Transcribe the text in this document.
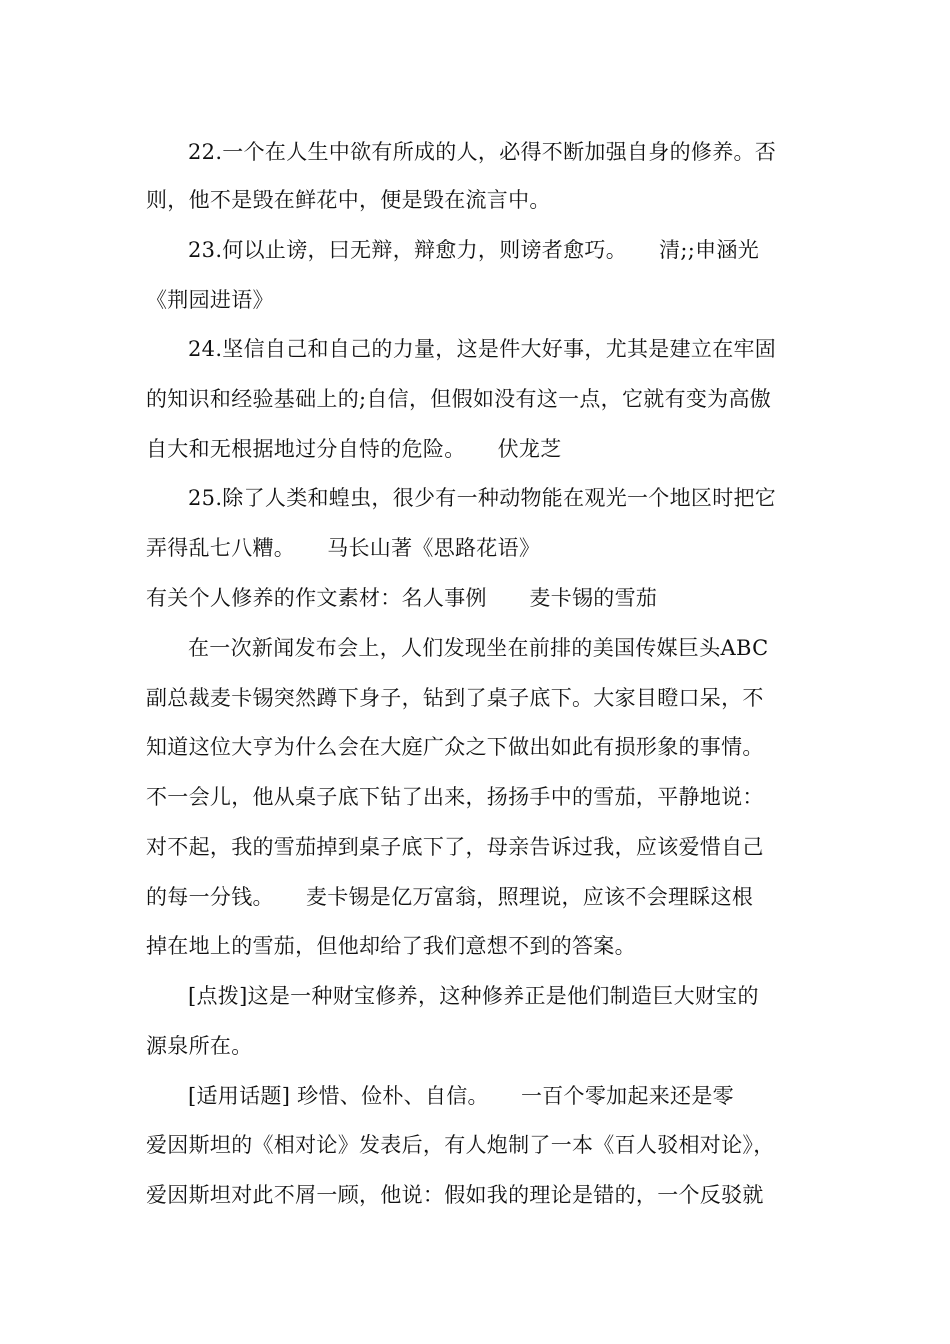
22.一个在人生中欲有所成的人，必得不断加强自身的修养。否
则，他不是毁在鲜花中，便是毁在流言中。
23.何以止谤，曰无辩，辩愈力，则谤者愈巧。　　清;;申涵光
《荆园进语》
24.坚信自己和自己的力量，这是件大好事，尤其是建立在牢固
的知识和经验基础上的;自信，但假如没有这一点，它就有变为高傲
自大和无根据地过分自恃的危险。　　伏龙芝
25.除了人类和蝗虫，很少有一种动物能在观光一个地区时把它
弄得乱七八糟。　　马长山著《思路花语》
有关个人修养的作文素材：名人事例　　麦卡锡的雪茄
在一次新闻发布会上，人们发现坐在前排的美国传媒巨头ABC
副总裁麦卡锡突然蹲下身子，钻到了桌子底下。大家目瞪口呆，不
知道这位大亨为什么会在大庭广众之下做出如此有损形象的事情。
不一会儿，他从桌子底下钻了出来，扬扬手中的雪茄，平静地说：
对不起，我的雪茄掉到桌子底下了，母亲告诉过我，应该爱惜自己
的每一分钱。　　麦卡锡是亿万富翁，照理说，应该不会理睬这根
掉在地上的雪茄，但他却给了我们意想不到的答案。
[点拨]这是一种财宝修养，这种修养正是他们制造巨大财宝的
源泉所在。
[适用话题] 珍惜、俭朴、自信。　　一百个零加起来还是零
爱因斯坦的《相对论》发表后，有人炮制了一本《百人驳相对论》，
爱因斯坦对此不屑一顾，他说：假如我的理论是错的，一个反驳就
